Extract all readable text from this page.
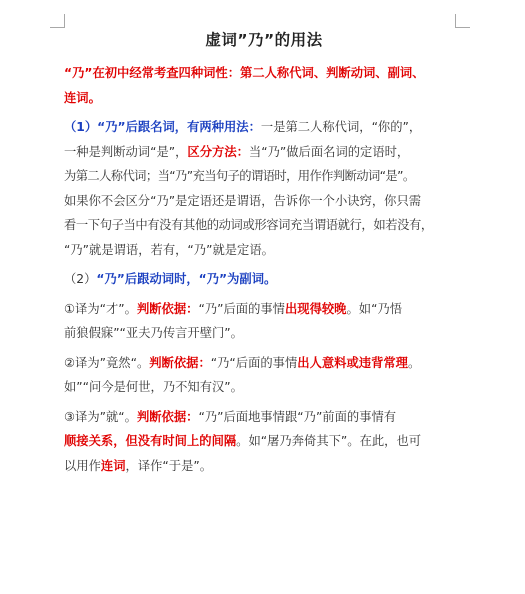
虚词”乃”的用法
“乃”在初中经常考查四种词性：第二人称代词、判断动词、副词、
连词。
（1）“乃”后跟名词，有两种用法：一是第二人称代词，“你的”，
一种是判断动词“是”，区分方法：当“乃”做后面名词的定语时，
为第二人称代词；当“乃”充当句子的谓语时，用作作判断动词“是”。
如果你不会区分“乃”是定语还是谓语，告诉你一个小诀窍，你只需
看一下句子当中有没有其他的动词或形容词充当谓语就行，如若没有，
“乃”就是谓语，若有，“乃”就是定语。
（2）“乃”后跟动词时，“乃”为副词。
①译为“才”。判断依据：“乃”后面的事情出现得较晚。如“乃悟
前狼假寐”“亚夫乃传言开壁门”。
②译为”竟然“。判断依据：“乃“后面的事情出人意料或违背常理。
如”“问今是何世，乃不知有汉”。
③译为”就“。判断依据：“乃”后面地事情跟“乃”前面的事情有
顺接关系，但没有时间上的间隔。如“屠乃奔倚其下”。在此，也可
以用作连词，译作“于是”。
